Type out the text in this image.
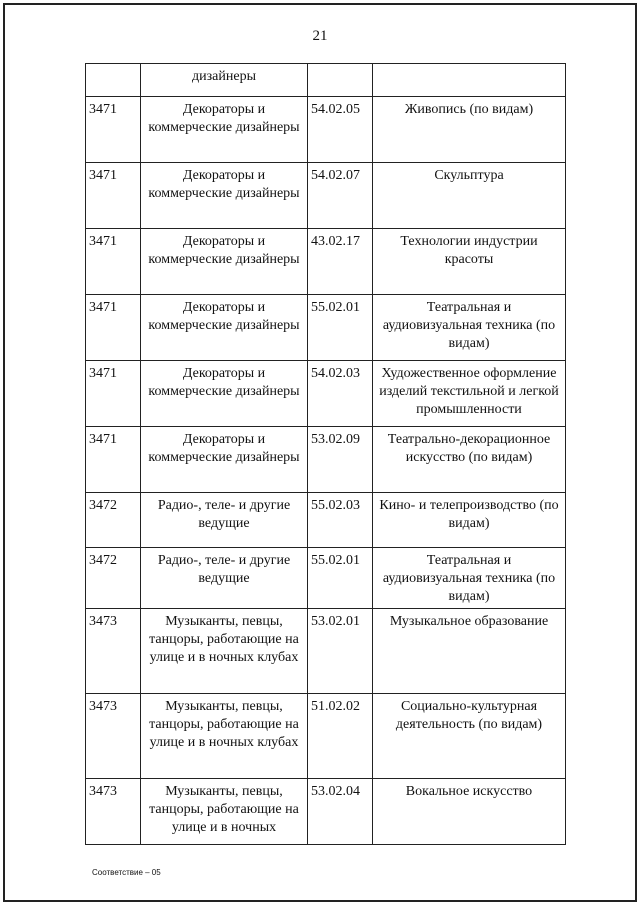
21
	дизайнеры		
3471	Декораторы и коммерческие дизайнеры	54.02.05	Живопись (по видам)
3471	Декораторы и коммерческие дизайнеры	54.02.07	Скульптура
3471	Декораторы и коммерческие дизайнеры	43.02.17	Технологии индустрии красоты
3471	Декораторы и коммерческие дизайнеры	55.02.01	Театральная и аудиовизуальная техника (по видам)
3471	Декораторы и коммерческие дизайнеры	54.02.03	Художественное оформление изделий текстильной и легкой промышленности
3471	Декораторы и коммерческие дизайнеры	53.02.09	Театрально-декорационное искусство (по видам)
3472	Радио-, теле- и другие ведущие	55.02.03	Кино- и телепроизводство (по видам)
3472	Радио-, теле- и другие ведущие	55.02.01	Театральная и аудиовизуальная техника (по видам)
3473	Музыканты, певцы, танцоры, работающие на улице и в ночных клубах	53.02.01	Музыкальное образование
3473	Музыканты, певцы, танцоры, работающие на улице и в ночных клубах	51.02.02	Социально-культурная деятельность (по видам)
3473	Музыканты, певцы, танцоры, работающие на улице и в ночных	53.02.04	Вокальное искусство
Соответствие – 05
